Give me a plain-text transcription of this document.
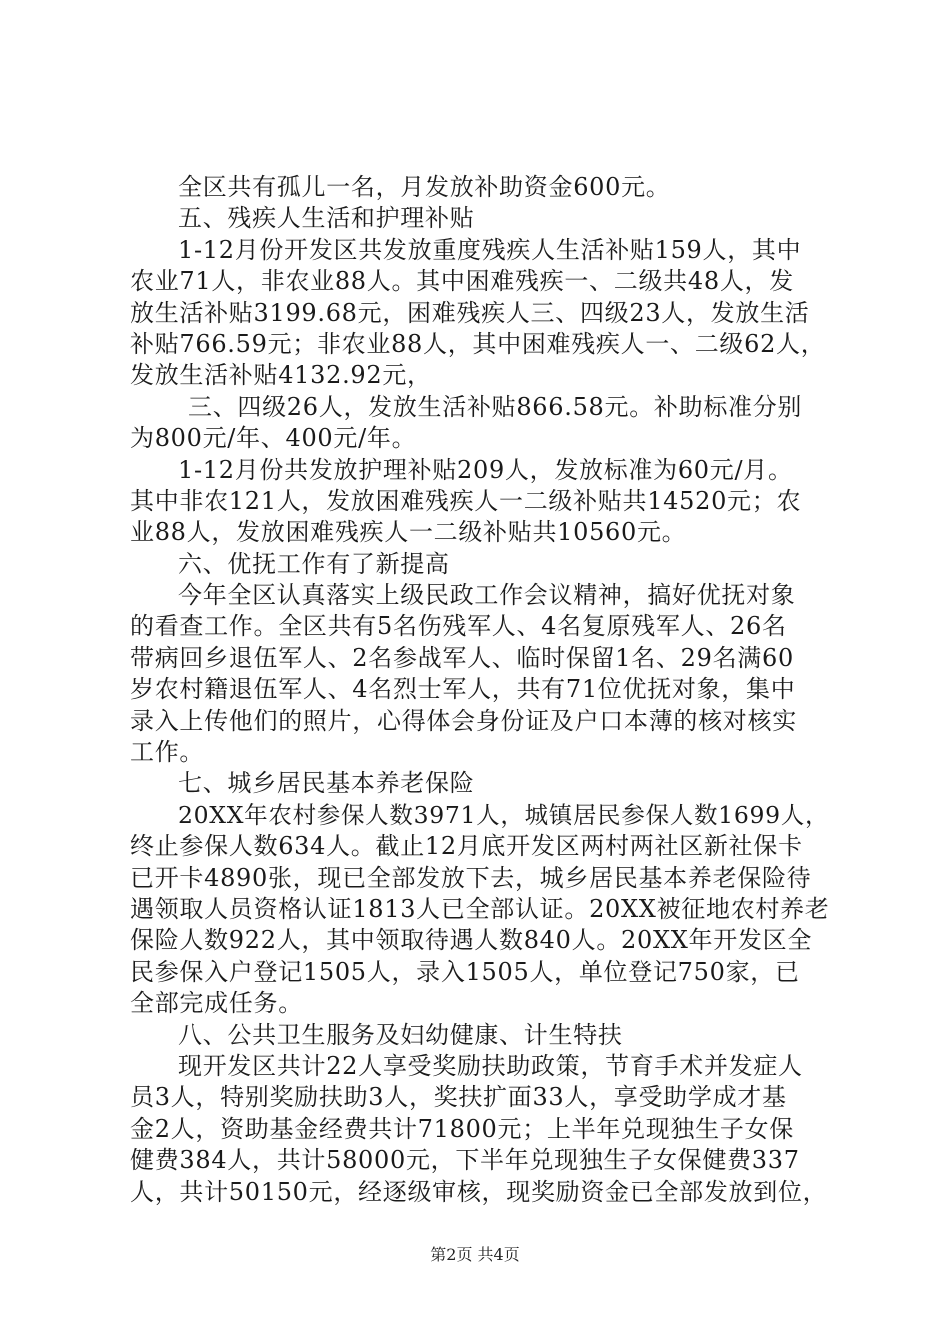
全区共有孤儿一名，月发放补助资金600元。
五、残疾人生活和护理补贴
1-12月份开发区共发放重度残疾人生活补贴159人，其中
农业71人，非农业88人。其中困难残疾一、二级共48人，发
放生活补贴3199.68元，困难残疾人三、四级23人，发放生活
补贴766.59元；非农业88人，其中困难残疾人一、二级62人，
发放生活补贴4132.92元，
三、四级26人，发放生活补贴866.58元。补助标准分别
为800元/年、400元/年。
1-12月份共发放护理补贴209人，发放标准为60元/月。
其中非农121人，发放困难残疾人一二级补贴共14520元；农
业88人，发放困难残疾人一二级补贴共10560元。
六、优抚工作有了新提高
今年全区认真落实上级民政工作会议精神，搞好优抚对象
的看查工作。全区共有5名伤残军人、4名复原残军人、26名
带病回乡退伍军人、2名参战军人、临时保留1名、29名满60
岁农村籍退伍军人、4名烈士军人，共有71位优抚对象，集中
录入上传他们的照片，心得体会身份证及户口本薄的核对核实
工作。
七、城乡居民基本养老保险
20XX年农村参保人数3971人，城镇居民参保人数1699人，
终止参保人数634人。截止12月底开发区两村两社区新社保卡
已开卡4890张，现已全部发放下去，城乡居民基本养老保险待
遇领取人员资格认证1813人已全部认证。20XX被征地农村养老
保险人数922人，其中领取待遇人数840人。20XX年开发区全
民参保入户登记1505人，录入1505人，单位登记750家，已
全部完成任务。
八、公共卫生服务及妇幼健康、计生特扶
现开发区共计22人享受奖励扶助政策，节育手术并发症人
员3人，特别奖励扶助3人，奖扶扩面33人，享受助学成才基
金2人，资助基金经费共计71800元；上半年兑现独生子女保
健费384人，共计58000元，下半年兑现独生子女保健费337
人，共计50150元，经逐级审核，现奖励资金已全部发放到位，
第2页 共4页
